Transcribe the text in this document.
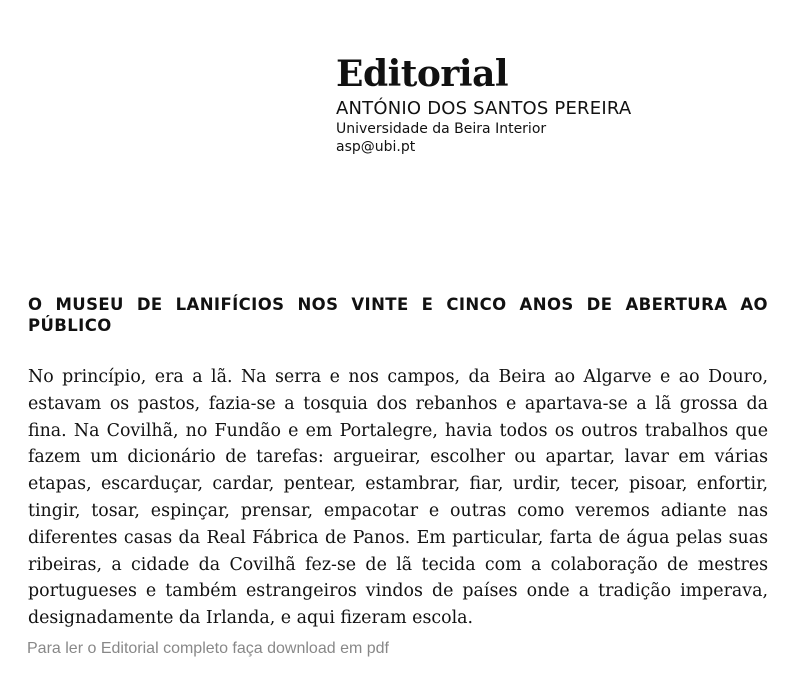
Editorial
ANTÓNIO DOS SANTOS PEREIRA
Universidade da Beira Interior
asp@ubi.pt
O MUSEU DE LANIFÍCIOS NOS VINTE E CINCO ANOS DE ABERTURA AO PÚBLICO

No princípio, era a lã. Na serra e nos campos, da Beira ao Algarve e ao Douro, estavam os pastos, fazia-se a tosquia dos rebanhos e apartava-se a lã grossa da fina. Na Covilhã, no Fundão e em Portalegre, havia todos os outros trabalhos que fazem um dicionário de tarefas: argueirar, escolher ou apartar, lavar em várias etapas, escarduçar, cardar, pentear, estambrar, fiar, urdir, tecer, pisoar, enfortir, tingir, tosar, espinçar, prensar, empacotar e outras como veremos adiante nas diferentes casas da Real Fábrica de Panos. Em particular, farta de água pelas suas ribeiras, a cidade da Covilhã fez-se de lã tecida com a colaboração de mestres portugueses e também estrangeiros vindos de países onde a tradição imperava, designadamente da Irlanda, e aqui fizeram escola.

Para ler o Editorial completo faça download em pdf
